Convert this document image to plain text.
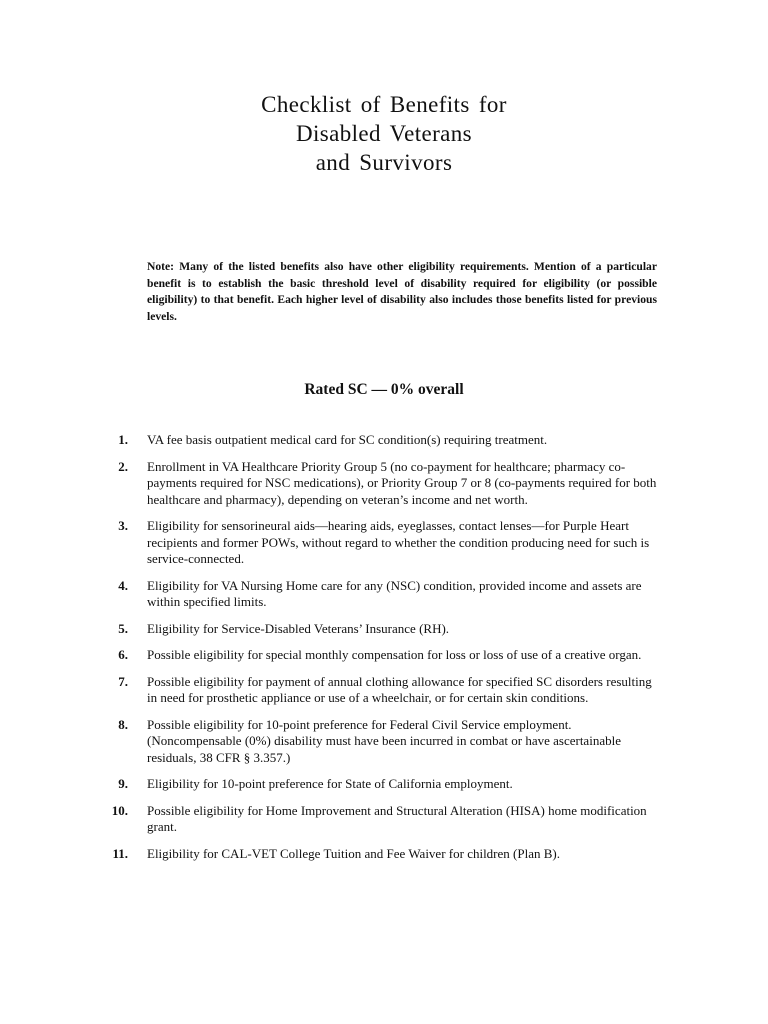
Checklist of Benefits for
Disabled Veterans
and Survivors
Note: Many of the listed benefits also have other eligibility requirements. Mention of a particular benefit is to establish the basic threshold level of disability required for eligibility (or possible eligibility) to that benefit. Each higher level of disability also includes those benefits listed for previous levels.
Rated SC — 0% overall
1. VA fee basis outpatient medical card for SC condition(s) requiring treatment.
2. Enrollment in VA Healthcare Priority Group 5 (no co-payment for healthcare; pharmacy co-payments required for NSC medications), or Priority Group 7 or 8 (co-payments required for both healthcare and pharmacy), depending on veteran’s income and net worth.
3. Eligibility for sensorineural aids—hearing aids, eyeglasses, contact lenses—for Purple Heart recipients and former POWs, without regard to whether the condition producing need for such is service-connected.
4. Eligibility for VA Nursing Home care for any (NSC) condition, provided income and assets are within specified limits.
5. Eligibility for Service-Disabled Veterans’ Insurance (RH).
6. Possible eligibility for special monthly compensation for loss or loss of use of a creative organ.
7. Possible eligibility for payment of annual clothing allowance for specified SC disorders resulting in need for prosthetic appliance or use of a wheelchair, or for certain skin conditions.
8. Possible eligibility for 10-point preference for Federal Civil Service employment. (Noncompensable (0%) disability must have been incurred in combat or have ascertainable residuals, 38 CFR § 3.357.)
9. Eligibility for 10-point preference for State of California employment.
10. Possible eligibility for Home Improvement and Structural Alteration (HISA) home modification grant.
11. Eligibility for CAL-VET College Tuition and Fee Waiver for children (Plan B).
